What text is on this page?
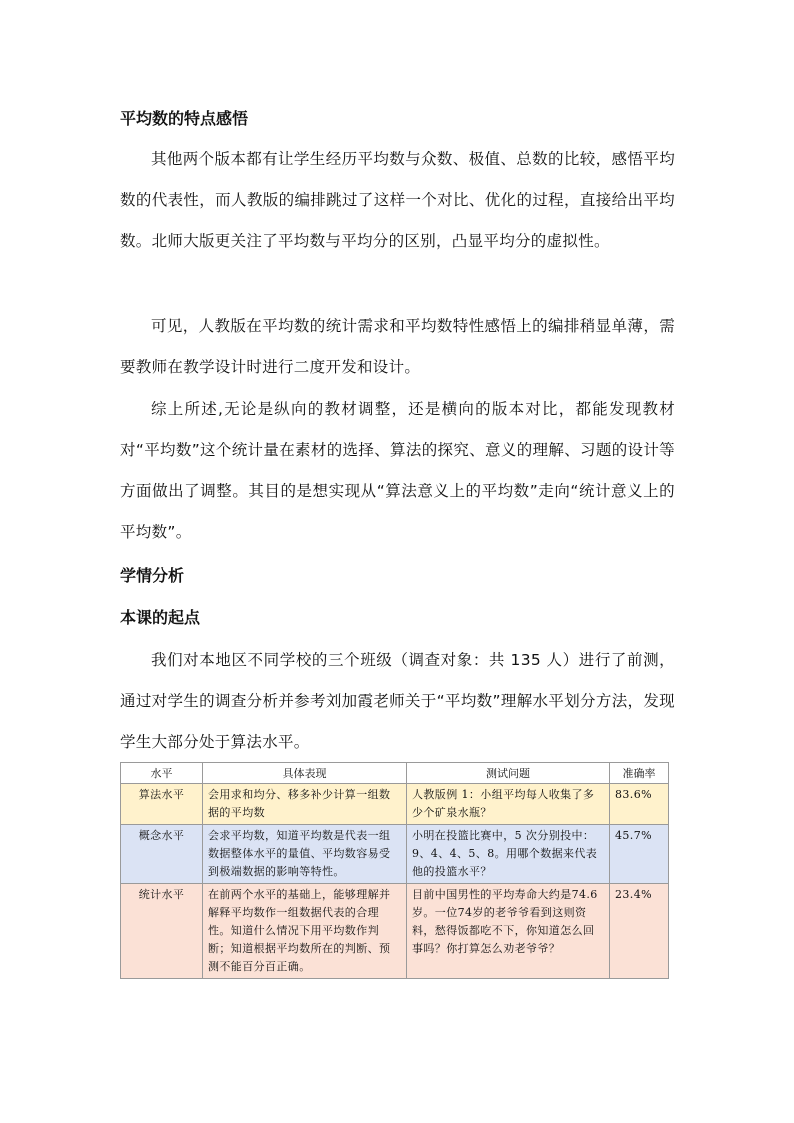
平均数的特点感悟
其他两个版本都有让学生经历平均数与众数、极值、总数的比较，感悟平均数的代表性，而人教版的编排跳过了这样一个对比、优化的过程，直接给出平均数。北师大版更关注了平均数与平均分的区别，凸显平均分的虚拟性。
可见，人教版在平均数的统计需求和平均数特性感悟上的编排稍显单薄，需要教师在教学设计时进行二度开发和设计。
综上所述,无论是纵向的教材调整，还是横向的版本对比，都能发现教材对“平均数”这个统计量在素材的选择、算法的探究、意义的理解、习题的设计等方面做出了调整。其目的是想实现从“算法意义上的平均数”走向“统计意义上的平均数”。
学情分析
本课的起点
我们对本地区不同学校的三个班级（调查对象：共 135 人）进行了前测，通过对学生的调查分析并参考刘加霞老师关于“平均数”理解水平划分方法，发现学生大部分处于算法水平。
水平	具体表现	测试问题	准确率
算法水平	会用求和均分、移多补少计算一组数据的平均数	人教版例 1：小组平均每人收集了多少个矿泉水瓶？	83.6%
概念水平	会求平均数，知道平均数是代表一组数据整体水平的量值、平均数容易受到极端数据的影响等特性。	小明在投篮比赛中，5 次分别投中：9、4、4、5、8。用哪个数据来代表他的投篮水平？	45.7%
统计水平	在前两个水平的基础上，能够理解并解释平均数作一组数据代表的合理性。知道什么情况下用平均数作判断；知道根据平均数所在的判断、预测不能百分百正确。	目前中国男性的平均寿命大约是74.6岁。一位74岁的老爷爷看到这则资料，愁得饭都吃不下，你知道怎么回事吗？你打算怎么劝老爷爷？	23.4%
